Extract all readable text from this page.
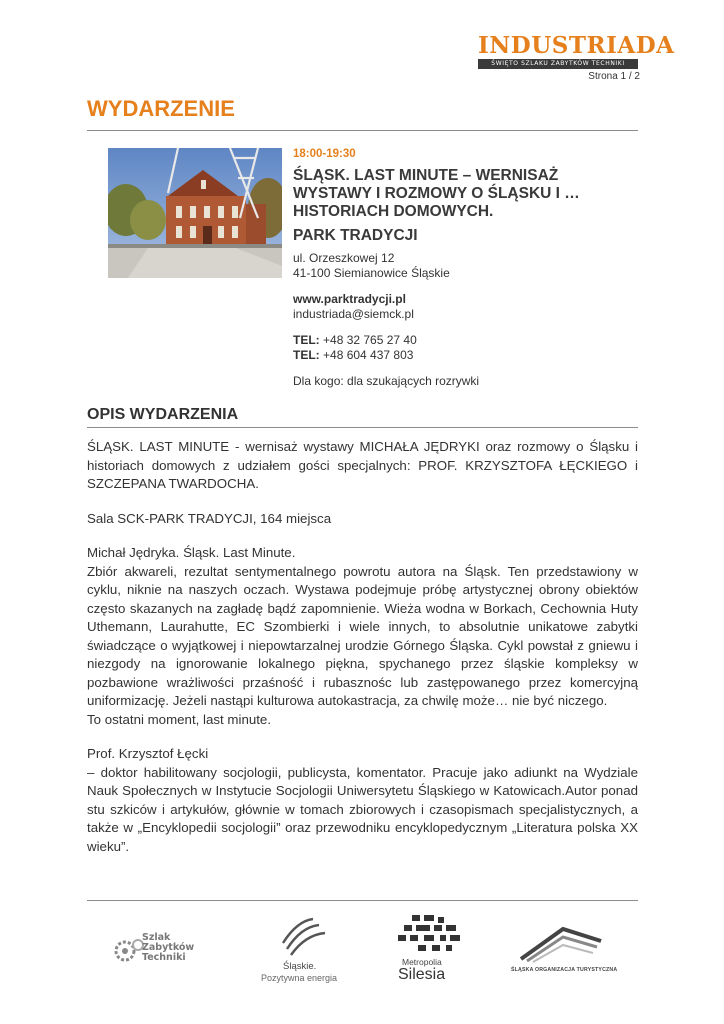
INDUSTRIADA
ŚWIĘTO SZLAKU ZABYTKÓW TECHNIKI
Strona 1 / 2
WYDARZENIE
18:00-19:30
ŚLĄSK. LAST MINUTE – WERNISAŻ WYSTAWY I ROZMOWY O ŚLĄSKU I …HISTORIACH DOMOWYCH.
PARK TRADYCJI
ul. Orzeszkowej 12
41-100 Siemianowice Śląskie
www.parktradycji.pl
industriada@siemck.pl
TEL: +48 32 765 27 40
TEL: +48 604 437 803
Dla kogo: dla szukających rozrywki
OPIS WYDARZENIA

ŚLĄSK. LAST MINUTE - wernisaż wystawy MICHAŁA JĘDRYKI oraz rozmowy o Śląsku i historiach domowych z udziałem gości specjalnych: PROF. KRZYSZTOFA ŁĘCKIEGO i SZCZEPANA TWARDOCHA.

Sala SCK-PARK TRADYCJI, 164 miejsca

Michał Jędryka. Śląsk. Last Minute.

Zbiór akwareli, rezultat sentymentalnego powrotu autora na Śląsk. Ten przedstawiony w cyklu, niknie na naszych oczach. Wystawa podejmuje próbę artystycznej obrony obiektów często skazanych na zagładę bądź zapomnienie. Wieża wodna w Borkach, Cechownia Huty Uthemann, Laurahutte, EC Szombierki i wiele innych, to absolutnie unikatowe zabytki świadczące o wyjątkowej i niepowtarzalnej urodzie Górnego Śląska. Cykl powstał z gniewu i niezgody na ignorowanie lokalnego piękna, spychanego przez śląskie kompleksy w pozbawione wrażliwości przaśność i rubasznośc lub zastępowanego przez komercyjną uniformizację. Jeżeli nastąpi kulturowa autokastracja, za chwilę może… nie być niczego.

To ostatni moment, last minute.

Prof. Krzysztof Łęcki

– doktor habilitowany socjologii, publicysta, komentator. Pracuje jako adiunkt na Wydziale Nauk Społecznych w Instytucie Socjologii Uniwersytetu Śląskiego w Katowicach.Autor ponad stu szkiców i artykułów, głównie w tomach zbiorowych i czasopismach specjalistycznych, a także w „Encyklopedii socjologii” oraz przewodniku encyklopedycznym „Literatura polska XX wieku”.

Szlak
Zabytków
Techniki
Śląskie.
Pozytywna energia
Metropolia
Silesia	ŚLĄSKA ORGANIZACJA TURYSTYCZNA
